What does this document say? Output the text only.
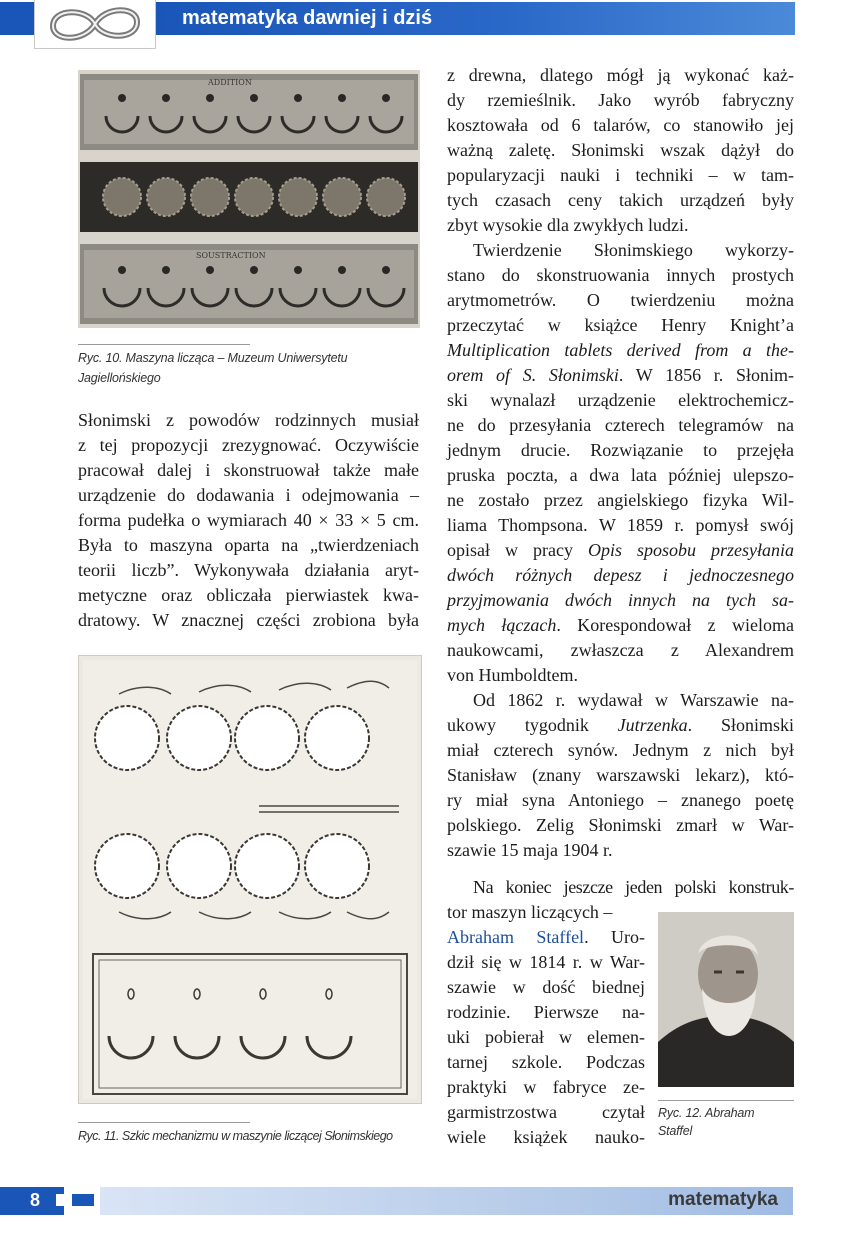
matematyka dawniej i dziś
ADDITION
SOUSTRACTION
Ryc. 10. Maszyna licząca – Muzeum Uniwersytetu
Jagiellońskiego
Słonimski z powodów rodzinnych musiał
z tej propozycji zrezygnować. Oczywiście
pracował dalej i skonstruował także małe
urządzenie do dodawania i odejmowania –
forma pudełka o wymiarach 40 × 33 × 5 cm.
Była to maszyna oparta na „twierdzeniach
teorii liczb”. Wykonywała działania aryt-
metyczne oraz obliczała pierwiastek kwa-
dratowy. W znacznej części zrobiona była
Ryc. 11. Szkic mechanizmu w maszynie liczącej Słonimskiego
z drewna, dlatego mógł ją wykonać każ-
dy rzemieślnik. Jako wyrób fabryczny
kosztowała od 6 talarów, co stanowiło jej
ważną zaletę. Słonimski wszak dążył do
popularyzacji nauki i techniki – w tam-
tych czasach ceny takich urządzeń były
zbyt wysokie dla zwykłych ludzi.
Twierdzenie Słonimskiego wykorzy-
stano do skonstruowania innych prostych
arytmometrów. O twierdzeniu można
przeczytać w książce Henry Knight’a
Multiplication tablets derived from a the-
orem of S. Słonimski. W 1856 r. Słonim-
ski wynalazł urządzenie elektrochemicz-
ne do przesyłania czterech telegramów na
jednym drucie. Rozwiązanie to przejęła
pruska poczta, a dwa lata później ulepszo-
ne zostało przez angielskiego fizyka Wil-
liama Thompsona. W 1859 r. pomysł swój
opisał w pracy Opis sposobu przesyłania
dwóch różnych depesz i jednoczesnego
przyjmowania dwóch innych na tych sa-
mych łączach. Korespondował z wieloma
naukowcami, zwłaszcza z Alexandrem
von Humboldtem.
Od 1862 r. wydawał w Warszawie na-
ukowy tygodnik Jutrzenka. Słonimski
miał czterech synów. Jednym z nich był
Stanisław (znany warszawski lekarz), któ-
ry miał syna Antoniego – znanego poetę
polskiego. Zelig Słonimski zmarł w War-
szawie 15 maja 1904 r.
Na koniec jeszcze jeden polski konstruk-
tor maszyn liczących –
Abraham Staffel. Uro-
dził się w 1814 r. w War-
szawie w dość biednej
rodzinie. Pierwsze na-
uki pobierał w elemen-
tarnej szkole. Podczas
praktyki w fabryce ze-
garmistrzostwa czytał
wiele książek nauko-
Ryc. 12. Abraham
Staffel
8	matematyka
